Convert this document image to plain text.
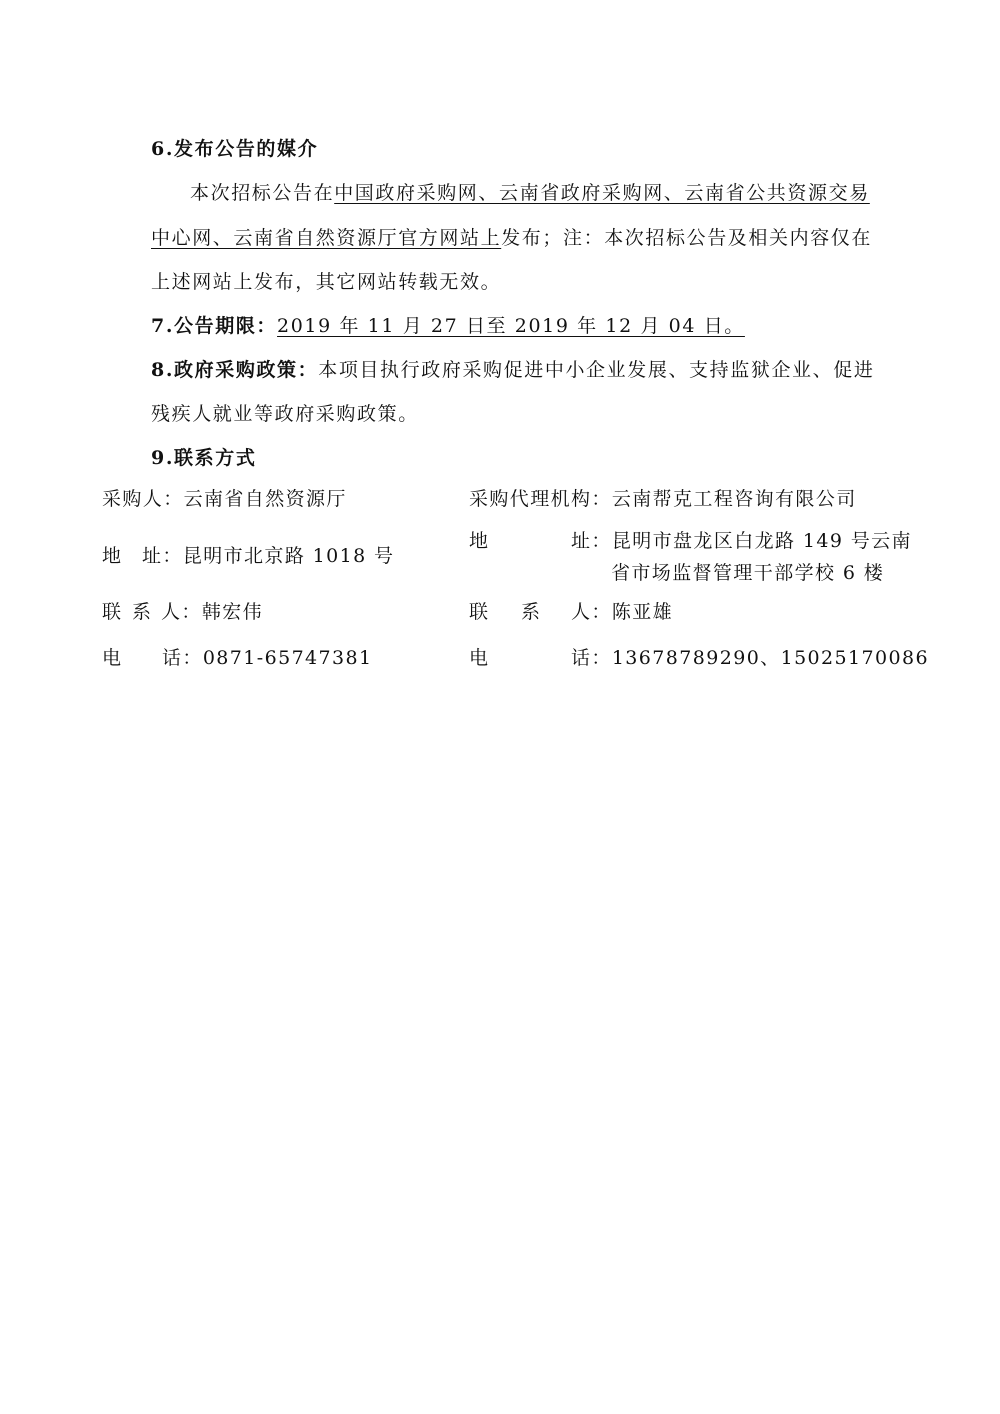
6.发布公告的媒介
本次招标公告在中国政府采购网、云南省政府采购网、云南省公共资源交易
中心网、云南省自然资源厅官方网站上发布；注：本次招标公告及相关内容仅在
上述网站上发布，其它网站转载无效。
7.公告期限：2019 年 11 月 27 日至 2019 年 12 月 04 日。
8.政府采购政策：本项目执行政府采购促进中小企业发展、支持监狱企业、促进
残疾人就业等政府采购政策。
9.联系方式
采购人：云南省自然资源厅
地 址：昆明市北京路 1018 号
联 系 人：韩宏伟
电 话：0871-65747381
采购代理机构：云南帮克工程咨询有限公司
地	址：昆明市盘龙区白龙路 149 号云南
省市场监督管理干部学校 6 楼
联 系 人：陈亚雄
电	话：13678789290、15025170086
